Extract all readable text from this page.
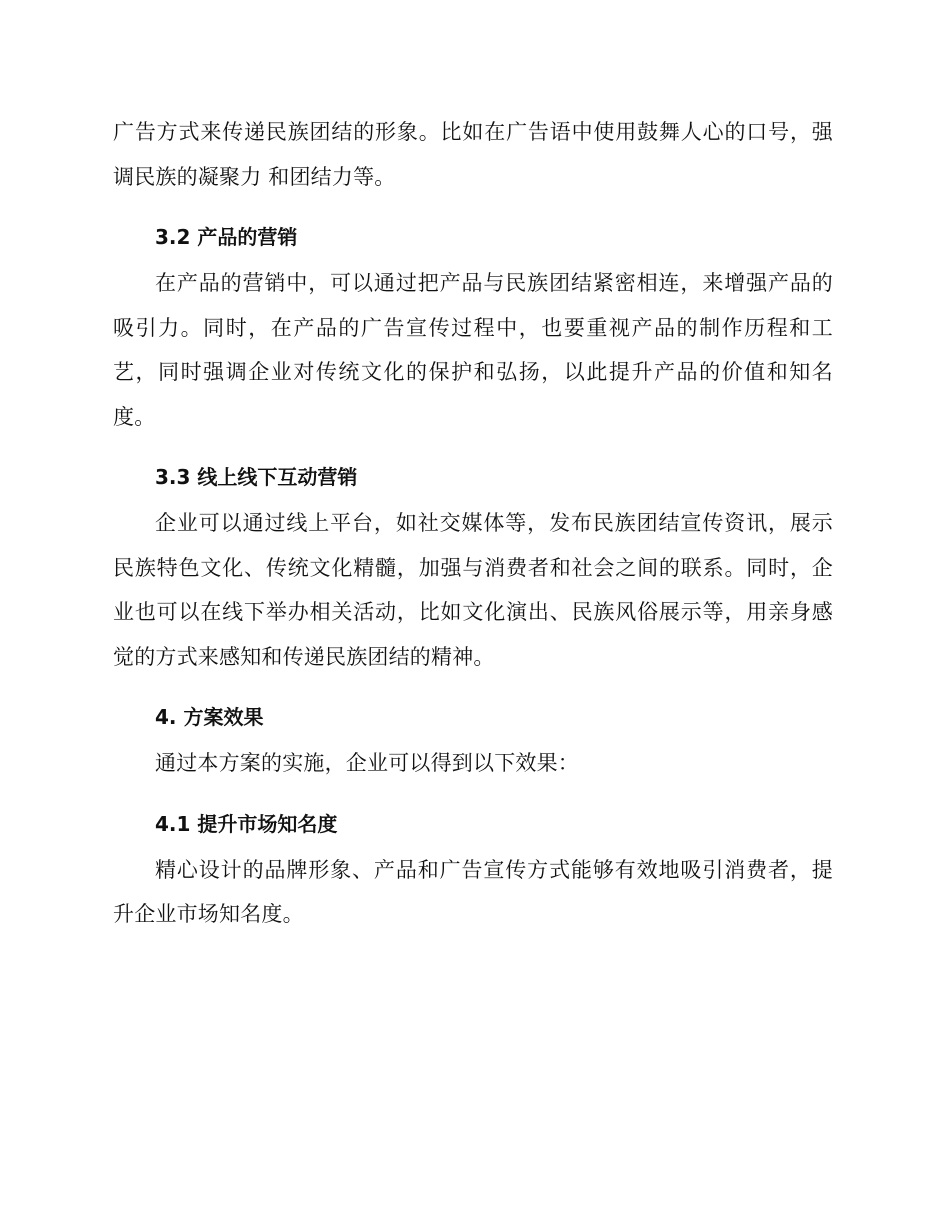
广告方式来传递民族团结的形象。比如在广告语中使用鼓舞人心的口号，强调民族的凝聚力 和团结力等。

3.2 产品的营销

在产品的营销中，可以通过把产品与民族团结紧密相连，来增强产品的吸引力。同时，在产品的广告宣传过程中，也要重视产品的制作历程和工艺，同时强调企业对传统文化的保护和弘扬，以此提升产品的价值和知名度。

3.3 线上线下互动营销

企业可以通过线上平台，如社交媒体等，发布民族团结宣传资讯，展示民族特色文化、传统文化精髓，加强与消费者和社会之间的联系。同时，企业也可以在线下举办相关活动，比如文化演出、民族风俗展示等，用亲身感觉的方式来感知和传递民族团结的精神。

4. 方案效果

通过本方案的实施，企业可以得到以下效果：

4.1 提升市场知名度

精心设计的品牌形象、产品和广告宣传方式能够有效地吸引消费者，提升企业市场知名度。
